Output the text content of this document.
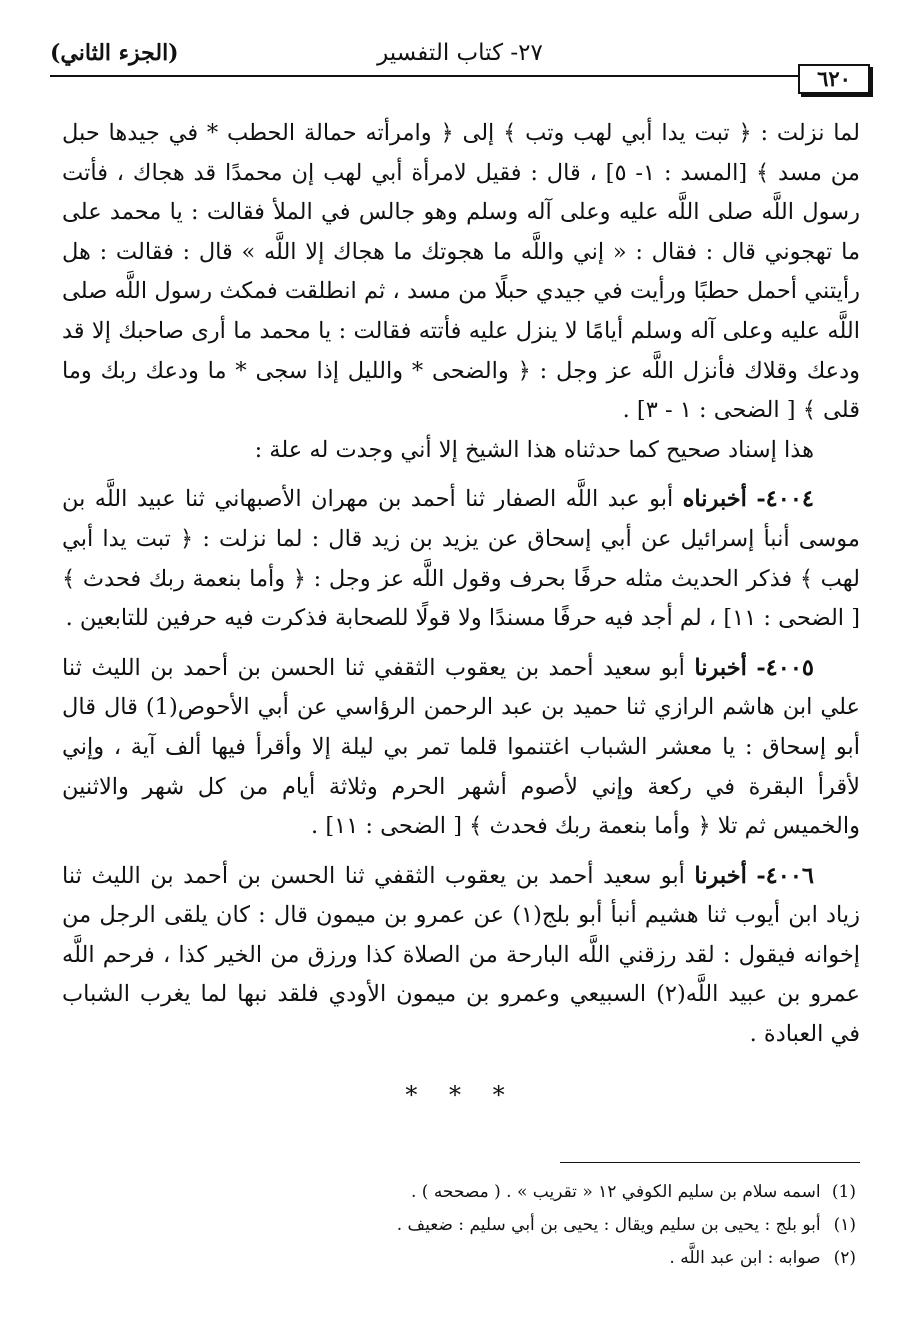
٦٢٠
٢٧- كتاب التفسير
(الجزء الثاني)

لما نزلت : ﴿ تبت يدا أبي لهب وتب ﴾ إلى ﴿ وامرأته حمالة الحطب * في جيدها حبل من مسد ﴾ [المسد : ١- ٥] ، قال : فقيل لامرأة أبي لهب إن محمدًا قد هجاك ، فأتت رسول اللَّه صلى اللَّه عليه وعلى آله وسلم وهو جالس في الملأ فقالت : يا محمد على ما تهجوني قال : فقال : « إني واللَّه ما هجوتك ما هجاك إلا اللَّه » قال : فقالت : هل رأيتني أحمل حطبًا ورأيت في جيدي حبلًا من مسد ، ثم انطلقت فمكث رسول اللَّه صلى اللَّه عليه وعلى آله وسلم أيامًا لا ينزل عليه فأتته فقالت : يا محمد ما أرى صاحبك إلا قد ودعك وقلاك فأنزل اللَّه عز وجل : ﴿ والضحى * والليل إذا سجى * ما ودعك ربك وما قلى ﴾ [ الضحى : ١ - ٣] .

هذا إسناد صحيح كما حدثناه هذا الشيخ إلا أني وجدت له علة :

٤٠٠٤- أخبرناه أبو عبد اللَّه الصفار ثنا أحمد بن مهران الأصبهاني ثنا عبيد اللَّه بن موسى أنبأ إسرائيل عن أبي إسحاق عن يزيد بن زيد قال : لما نزلت : ﴿ تبت يدا أبي لهب ﴾ فذكر الحديث مثله حرفًا بحرف وقول اللَّه عز وجل : ﴿ وأما بنعمة ربك فحدث ﴾ [ الضحى : ١١] ، لم أجد فيه حرفًا مسندًا ولا قولًا للصحابة فذكرت فيه حرفين للتابعين .

٤٠٠٥- أخبرنا أبو سعيد أحمد بن يعقوب الثقفي ثنا الحسن بن أحمد بن الليث ثنا علي ابن هاشم الرازي ثنا حميد بن عبد الرحمن الرؤاسي عن أبي الأحوص(1) قال قال أبو إسحاق : يا معشر الشباب اغتنموا قلما تمر بي ليلة إلا وأقرأ فيها ألف آية ، وإني لأقرأ البقرة في ركعة وإني لأصوم أشهر الحرم وثلاثة أيام من كل شهر والاثنين والخميس ثم تلا ﴿ وأما بنعمة ربك فحدث ﴾ [ الضحى : ١١] .

٤٠٠٦- أخبرنا أبو سعيد أحمد بن يعقوب الثقفي ثنا الحسن بن أحمد بن الليث ثنا زياد ابن أيوب ثنا هشيم أنبأ أبو بلج(١) عن عمرو بن ميمون قال : كان يلقى الرجل من إخوانه فيقول : لقد رزقني اللَّه البارحة من الصلاة كذا ورزق من الخير كذا ، فرحم اللَّه عمرو بن عبيد اللَّه(٢) السبيعي وعمرو بن ميمون الأودي فلقد نبها لما يغرب الشباب في العبادة .

* * *

(1) اسمه سلام بن سليم الكوفي ١٢ « تقريب » . ( مصححه ) .

(١) أبو بلج : يحيى بن سليم ويقال : يحيى بن أبي سليم : ضعيف .

(٢) صوابه : ابن عبد اللَّه .
